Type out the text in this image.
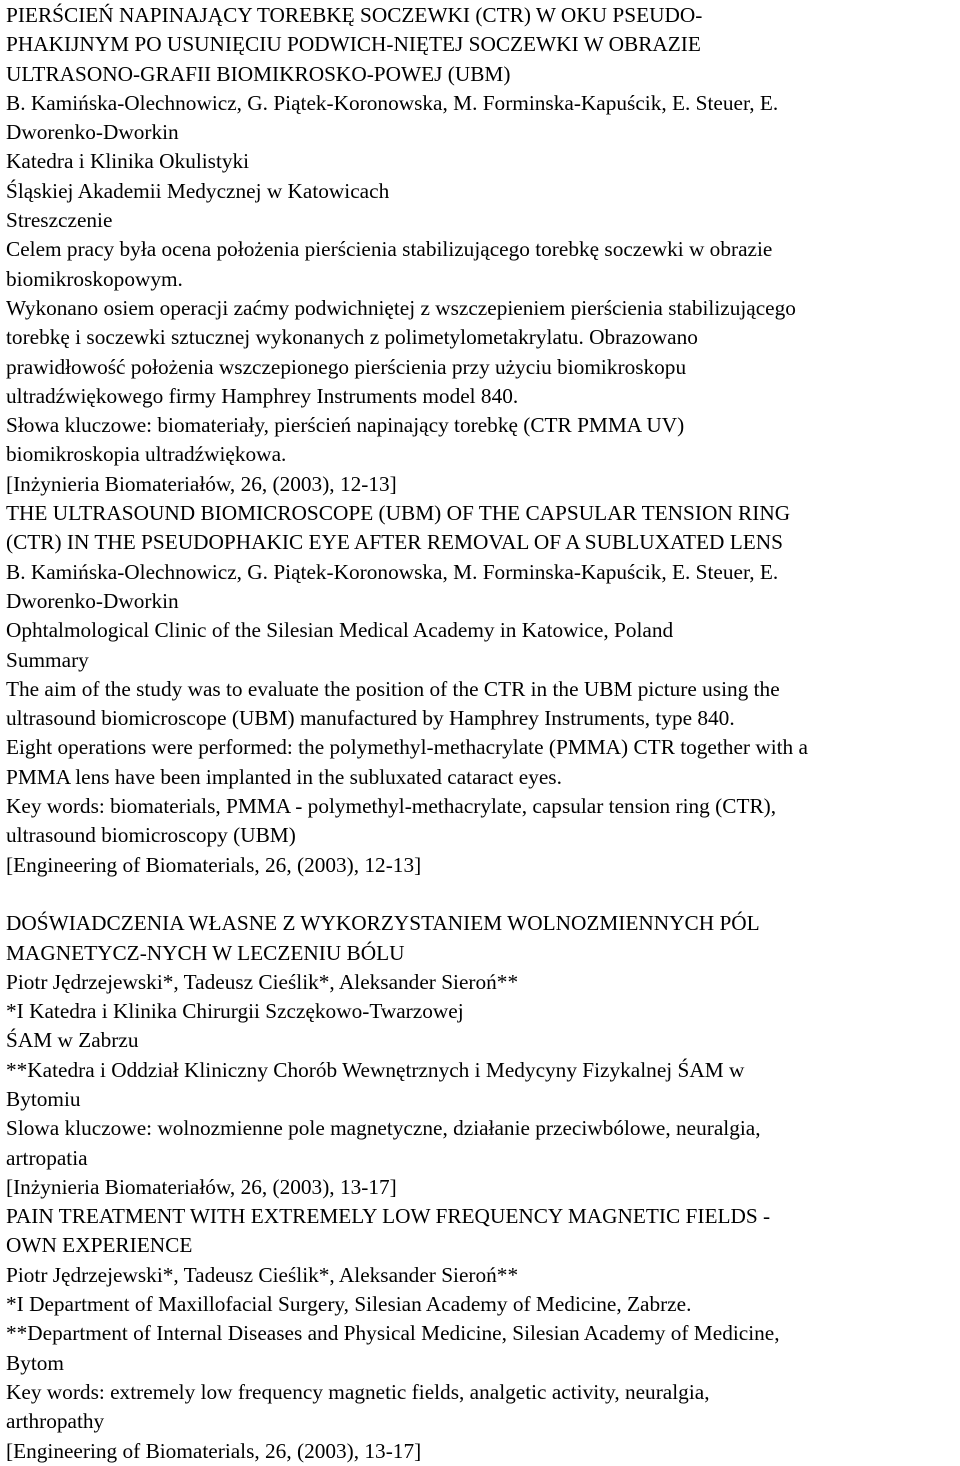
PIERŚCIEŃ NAPINAJĄCY TOREBKĘ SOCZEWKI (CTR) W OKU PSEUDO-
PHAKIJNYM PO USUNIĘCIU PODWICH-NIĘTEJ SOCZEWKI W OBRAZIE
ULTRASONO-GRAFII BIOMIKROSKO-POWEJ (UBM)
B. Kamińska-Olechnowicz, G. Piątek-Koronowska, M. Forminska-Kapuścik, E. Steuer, E.
Dworenko-Dworkin
Katedra i Klinika Okulistyki
Śląskiej Akademii Medycznej w Katowicach
Streszczenie
Celem pracy była ocena położenia pierścienia stabilizującego torebkę soczewki w obrazie
biomikroskopowym.
Wykonano osiem operacji zaćmy podwichniętej z wszczepieniem pierścienia stabilizującego
torebkę i soczewki sztucznej wykonanych z polimetylometakrylatu. Obrazowano
prawidłowość położenia wszczepionego pierścienia przy użyciu biomikroskopu
ultradźwiękowego firmy Hamphrey Instruments model 840.
Słowa kluczowe: biomateriały, pierścień napinający torebkę (CTR PMMA UV)
biomikroskopia ultradźwiękowa.
[Inżynieria Biomateriałów, 26, (2003), 12-13]
THE ULTRASOUND BIOMICROSCOPE (UBM) OF THE CAPSULAR TENSION RING
(CTR) IN THE PSEUDOPHAKIC EYE AFTER REMOVAL OF A SUBLUXATED LENS
B. Kamińska-Olechnowicz, G. Piątek-Koronowska, M. Forminska-Kapuścik, E. Steuer, E.
Dworenko-Dworkin
Ophtalmological Clinic of the Silesian Medical Academy in Katowice, Poland
Summary
The aim of the study was to evaluate the position of the CTR in the UBM picture using the
ultrasound biomicroscope (UBM) manufactured by Hamphrey Instruments, type 840.
Eight operations were performed: the polymethyl-methacrylate (PMMA) CTR together with a
PMMA lens have been implanted in the subluxated cataract eyes.
Key words: biomaterials, PMMA - polymethyl-methacrylate, capsular tension ring (CTR),
ultrasound biomicroscopy (UBM)
[Engineering of Biomaterials, 26, (2003), 12-13]
DOŚWIADCZENIA WŁASNE Z WYKORZYSTANIEM WOLNOZMIENNYCH PÓL
MAGNETYCZ-NYCH W LECZENIU BÓLU
Piotr Jędrzejewski*, Tadeusz Cieślik*, Aleksander Sieroń**
*I Katedra i Klinika Chirurgii Szczękowo-Twarzowej
ŚAM w Zabrzu
**Katedra i Oddział Kliniczny Chorób Wewnętrznych i Medycyny Fizykalnej ŚAM w
Bytomiu
Slowa kluczowe: wolnozmienne pole magnetyczne, działanie przeciwbólowe, neuralgia,
artropatia
[Inżynieria Biomateriałów, 26, (2003), 13-17]
PAIN TREATMENT WITH EXTREMELY LOW FREQUENCY MAGNETIC FIELDS -
OWN EXPERIENCE
Piotr Jędrzejewski*, Tadeusz Cieślik*, Aleksander Sieroń**
*I Department of Maxillofacial Surgery, Silesian Academy of Medicine, Zabrze.
**Department of Internal Diseases and Physical Medicine, Silesian Academy of Medicine,
Bytom
Key words: extremely low frequency magnetic fields, analgetic activity, neuralgia,
arthropathy
[Engineering of Biomaterials, 26, (2003), 13-17]
